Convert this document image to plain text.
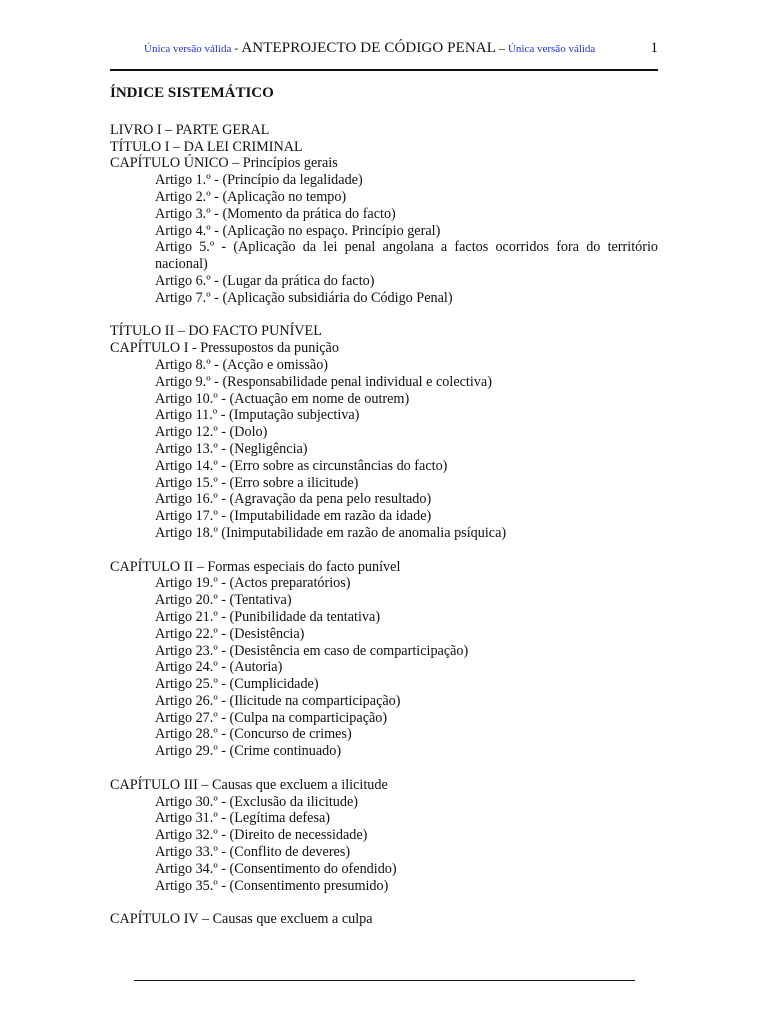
Única versão válida - ANTEPROJECTO DE CÓDIGO PENAL – Única versão válida	1
ÍNDICE SISTEMÁTICO
LIVRO I – PARTE GERAL
TÍTULO I – DA LEI CRIMINAL
CAPÍTULO ÚNICO – Princípios gerais
Artigo 1.º - (Princípio da legalidade)
Artigo 2.º - (Aplicação no tempo)
Artigo 3.º - (Momento da prática do facto)
Artigo 4.º - (Aplicação no espaço. Princípio geral)
Artigo 5.º - (Aplicação da lei penal angolana a factos ocorridos fora do território
nacional)
Artigo 6.º - (Lugar da prática do facto)
Artigo 7.º - (Aplicação subsidiária do Código Penal)
TÍTULO II – DO FACTO PUNÍVEL
CAPÍTULO I - Pressupostos da punição
Artigo 8.º - (Acção e omissão)
Artigo 9.º - (Responsabilidade penal individual e colectiva)
Artigo 10.º - (Actuação em nome de outrem)
Artigo 11.º - (Imputação subjectiva)
Artigo 12.º - (Dolo)
Artigo 13.º - (Negligência)
Artigo 14.º - (Erro sobre as circunstâncias do facto)
Artigo 15.º - (Erro sobre a ilicitude)
Artigo 16.º - (Agravação da pena pelo resultado)
Artigo 17.º - (Imputabilidade em razão da idade)
Artigo 18.º (Inimputabilidade em razão de anomalia psíquica)
CAPÍTULO II – Formas especiais do facto punível
Artigo 19.º - (Actos preparatórios)
Artigo 20.º - (Tentativa)
Artigo 21.º - (Punibilidade da tentativa)
Artigo 22.º - (Desistência)
Artigo 23.º - (Desistência em caso de comparticipação)
Artigo 24.º - (Autoria)
Artigo 25.º - (Cumplicidade)
Artigo 26.º - (Ilicitude na comparticipação)
Artigo 27.º - (Culpa na comparticipação)
Artigo 28.º - (Concurso de crimes)
Artigo 29.º - (Crime continuado)
CAPÍTULO III – Causas que excluem a ilicitude
Artigo 30.º - (Exclusão da ilicitude)
Artigo 31.º - (Legítima defesa)
Artigo 32.º - (Direito de necessidade)
Artigo 33.º - (Conflito de deveres)
Artigo 34.º - (Consentimento do ofendido)
Artigo 35.º - (Consentimento presumido)
CAPÍTULO IV – Causas que excluem a culpa
